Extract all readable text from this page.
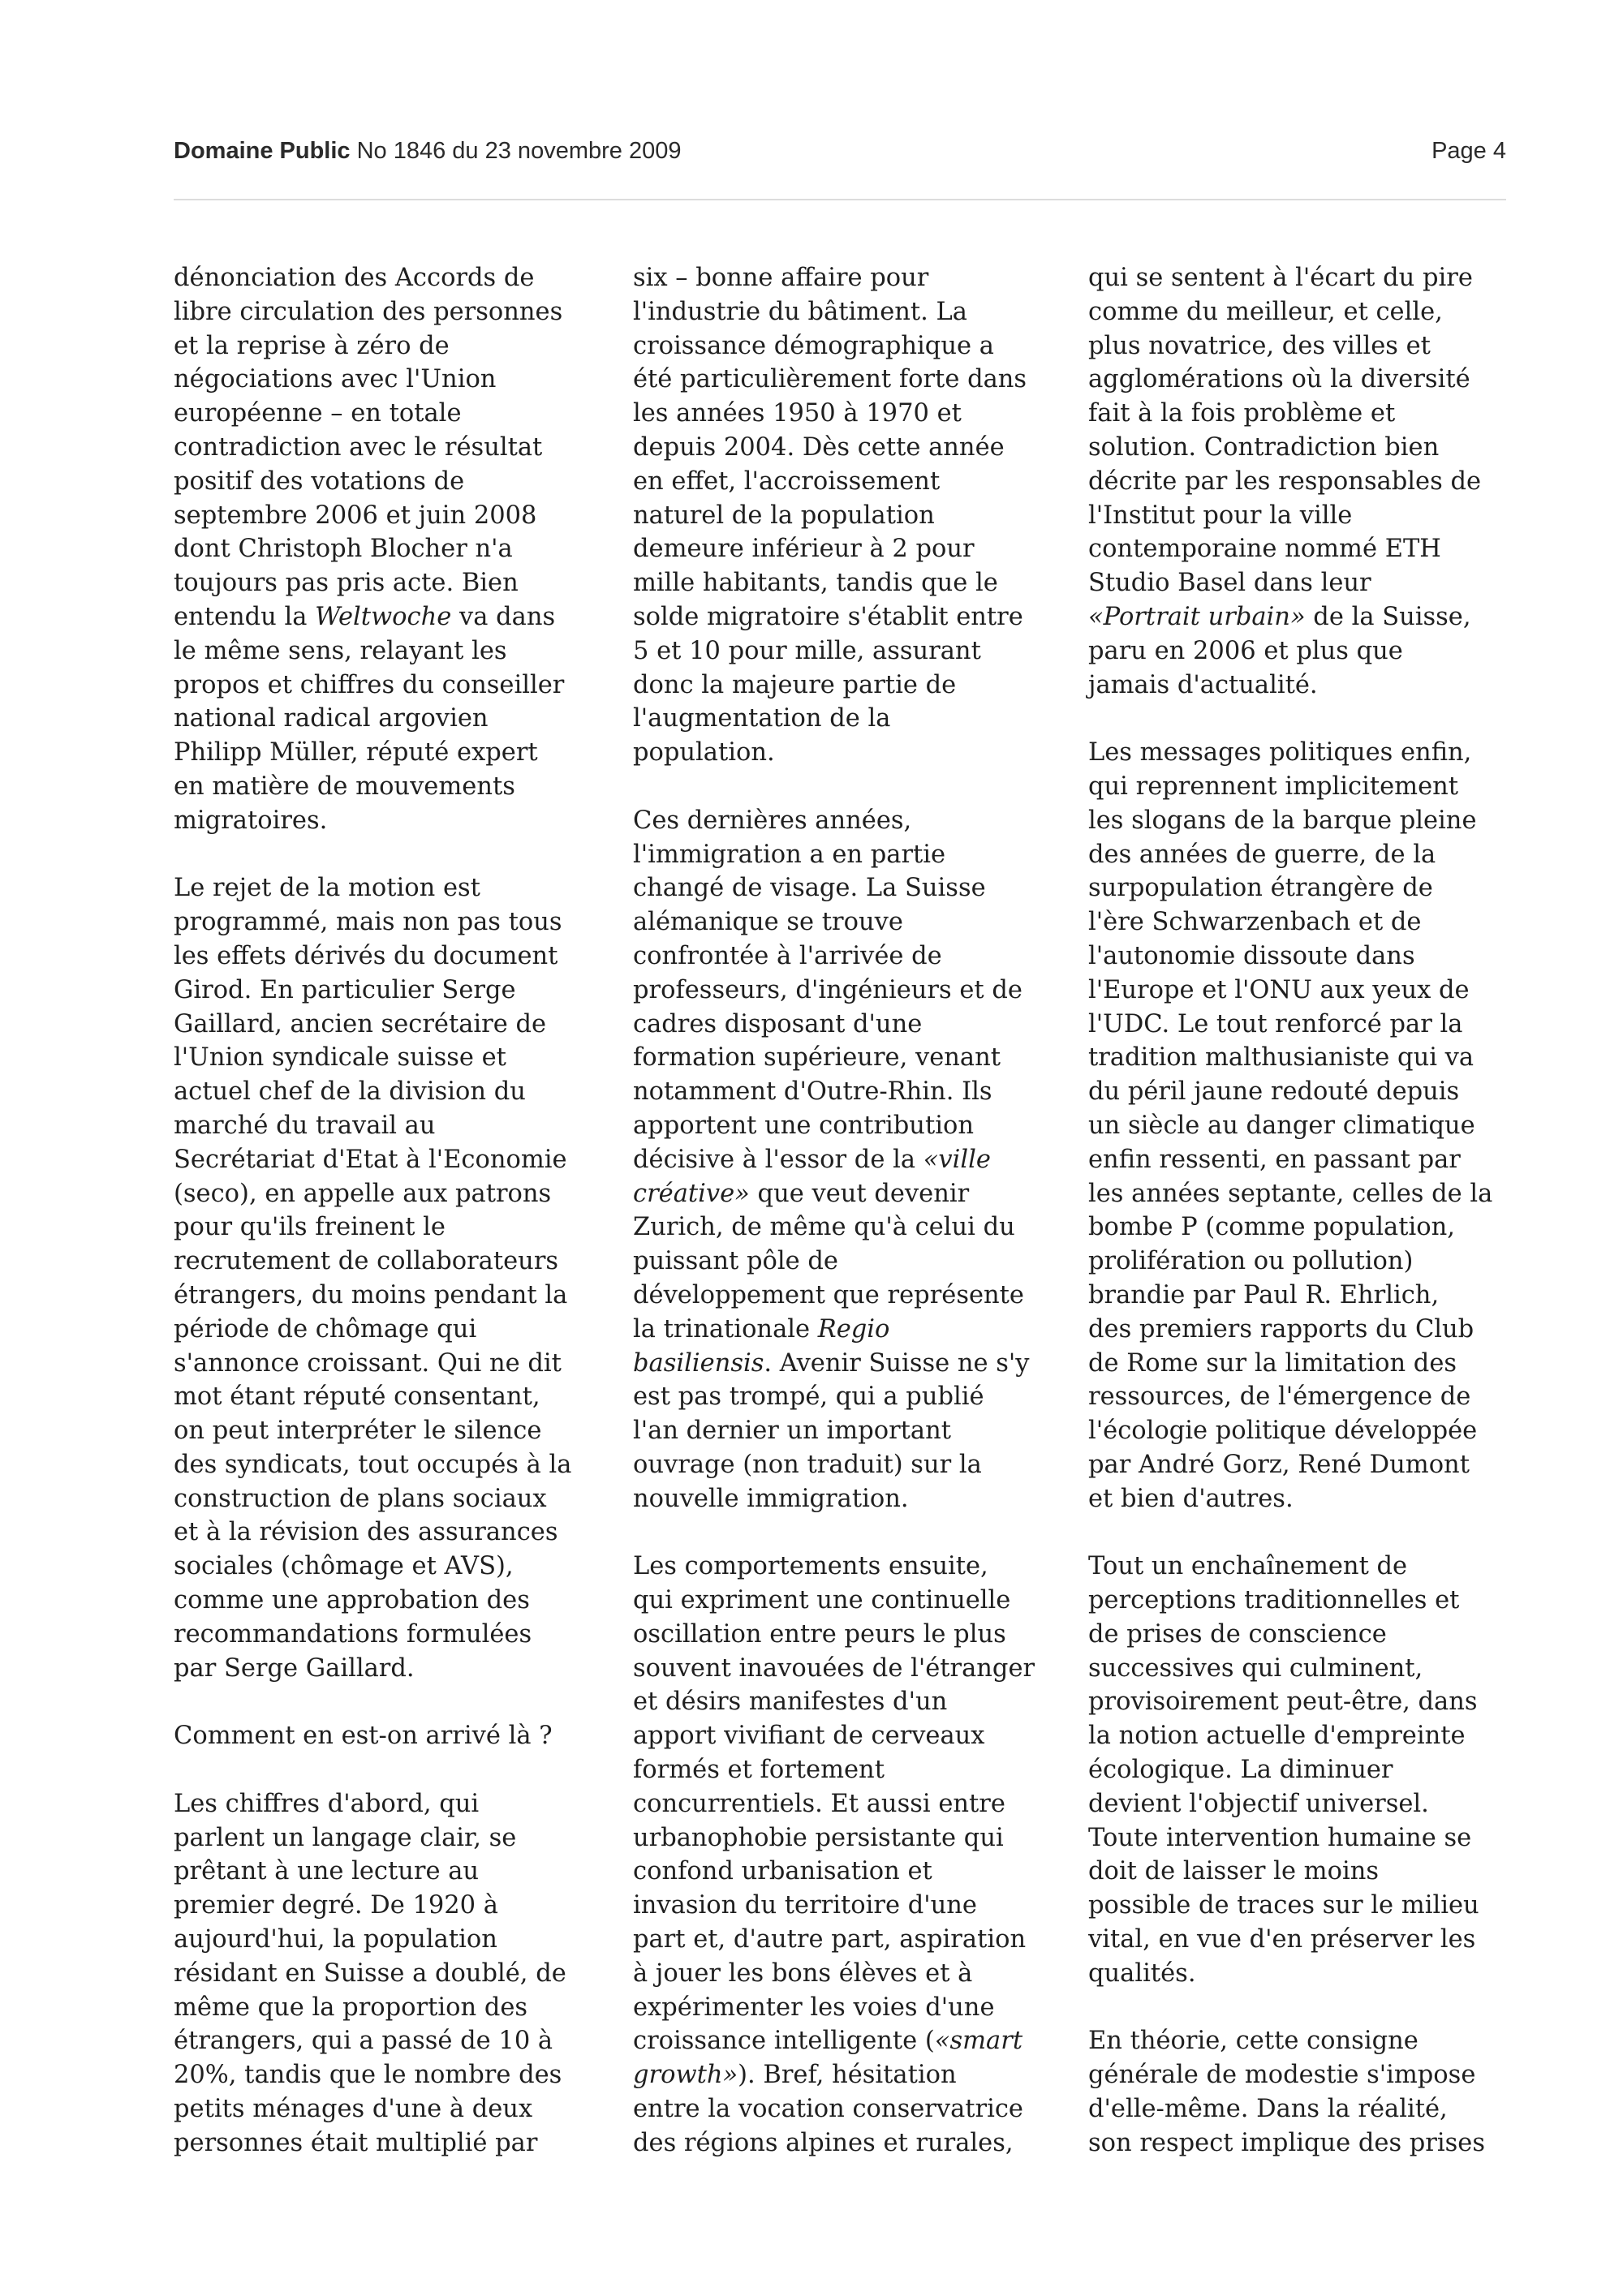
Domaine Public No 1846 du 23 novembre 2009	Page 4

dénonciation des Accords de
libre circulation des personnes
et la reprise à zéro de
négociations avec l'Union
européenne – en totale
contradiction avec le résultat
positif des votations de
septembre 2006 et juin 2008
dont Christoph Blocher n'a
toujours pas pris acte. Bien
entendu la Weltwoche va dans
le même sens, relayant les
propos et chiffres du conseiller
national radical argovien
Philipp Müller, réputé expert
en matière de mouvements
migratoires.

Le rejet de la motion est
programmé, mais non pas tous
les effets dérivés du document
Girod. En particulier Serge
Gaillard, ancien secrétaire de
l'Union syndicale suisse et
actuel chef de la division du
marché du travail au
Secrétariat d'Etat à l'Economie
(seco), en appelle aux patrons
pour qu'ils freinent le
recrutement de collaborateurs
étrangers, du moins pendant la
période de chômage qui
s'annonce croissant. Qui ne dit
mot étant réputé consentant,
on peut interpréter le silence
des syndicats, tout occupés à la
construction de plans sociaux
et à la révision des assurances
sociales (chômage et AVS),
comme une approbation des
recommandations formulées
par Serge Gaillard.

Comment en est-on arrivé là ?

Les chiffres d'abord, qui
parlent un langage clair, se
prêtant à une lecture au
premier degré. De 1920 à
aujourd'hui, la population
résidant en Suisse a doublé, de
même que la proportion des
étrangers, qui a passé de 10 à
20%, tandis que le nombre des
petits ménages d'une à deux
personnes était multiplié par

six – bonne affaire pour
l'industrie du bâtiment. La
croissance démographique a
été particulièrement forte dans
les années 1950 à 1970 et
depuis 2004. Dès cette année
en effet, l'accroissement
naturel de la population
demeure inférieur à 2 pour
mille habitants, tandis que le
solde migratoire s'établit entre
5 et 10 pour mille, assurant
donc la majeure partie de
l'augmentation de la
population.

Ces dernières années,
l'immigration a en partie
changé de visage. La Suisse
alémanique se trouve
confrontée à l'arrivée de
professeurs, d'ingénieurs et de
cadres disposant d'une
formation supérieure, venant
notamment d'Outre-Rhin. Ils
apportent une contribution
décisive à l'essor de la «ville
créative» que veut devenir
Zurich, de même qu'à celui du
puissant pôle de
développement que représente
la trinationale Regio
basiliensis. Avenir Suisse ne s'y
est pas trompé, qui a publié
l'an dernier un important
ouvrage (non traduit) sur la
nouvelle immigration.

Les comportements ensuite,
qui expriment une continuelle
oscillation entre peurs le plus
souvent inavouées de l'étranger
et désirs manifestes d'un
apport vivifiant de cerveaux
formés et fortement
concurrentiels. Et aussi entre
urbanophobie persistante qui
confond urbanisation et
invasion du territoire d'une
part et, d'autre part, aspiration
à jouer les bons élèves et à
expérimenter les voies d'une
croissance intelligente («smart
growth»). Bref, hésitation
entre la vocation conservatrice
des régions alpines et rurales,

qui se sentent à l'écart du pire
comme du meilleur, et celle,
plus novatrice, des villes et
agglomérations où la diversité
fait à la fois problème et
solution. Contradiction bien
décrite par les responsables de
l'Institut pour la ville
contemporaine nommé ETH
Studio Basel dans leur
«Portrait urbain» de la Suisse,
paru en 2006 et plus que
jamais d'actualité.

Les messages politiques enfin,
qui reprennent implicitement
les slogans de la barque pleine
des années de guerre, de la
surpopulation étrangère de
l'ère Schwarzenbach et de
l'autonomie dissoute dans
l'Europe et l'ONU aux yeux de
l'UDC. Le tout renforcé par la
tradition malthusianiste qui va
du péril jaune redouté depuis
un siècle au danger climatique
enfin ressenti, en passant par
les années septante, celles de la
bombe P (comme population,
prolifération ou pollution)
brandie par Paul R. Ehrlich,
des premiers rapports du Club
de Rome sur la limitation des
ressources, de l'émergence de
l'écologie politique développée
par André Gorz, René Dumont
et bien d'autres.

Tout un enchaînement de
perceptions traditionnelles et
de prises de conscience
successives qui culminent,
provisoirement peut-être, dans
la notion actuelle d'empreinte
écologique. La diminuer
devient l'objectif universel.
Toute intervention humaine se
doit de laisser le moins
possible de traces sur le milieu
vital, en vue d'en préserver les
qualités.

En théorie, cette consigne
générale de modestie s'impose
d'elle-même. Dans la réalité,
son respect implique des prises
